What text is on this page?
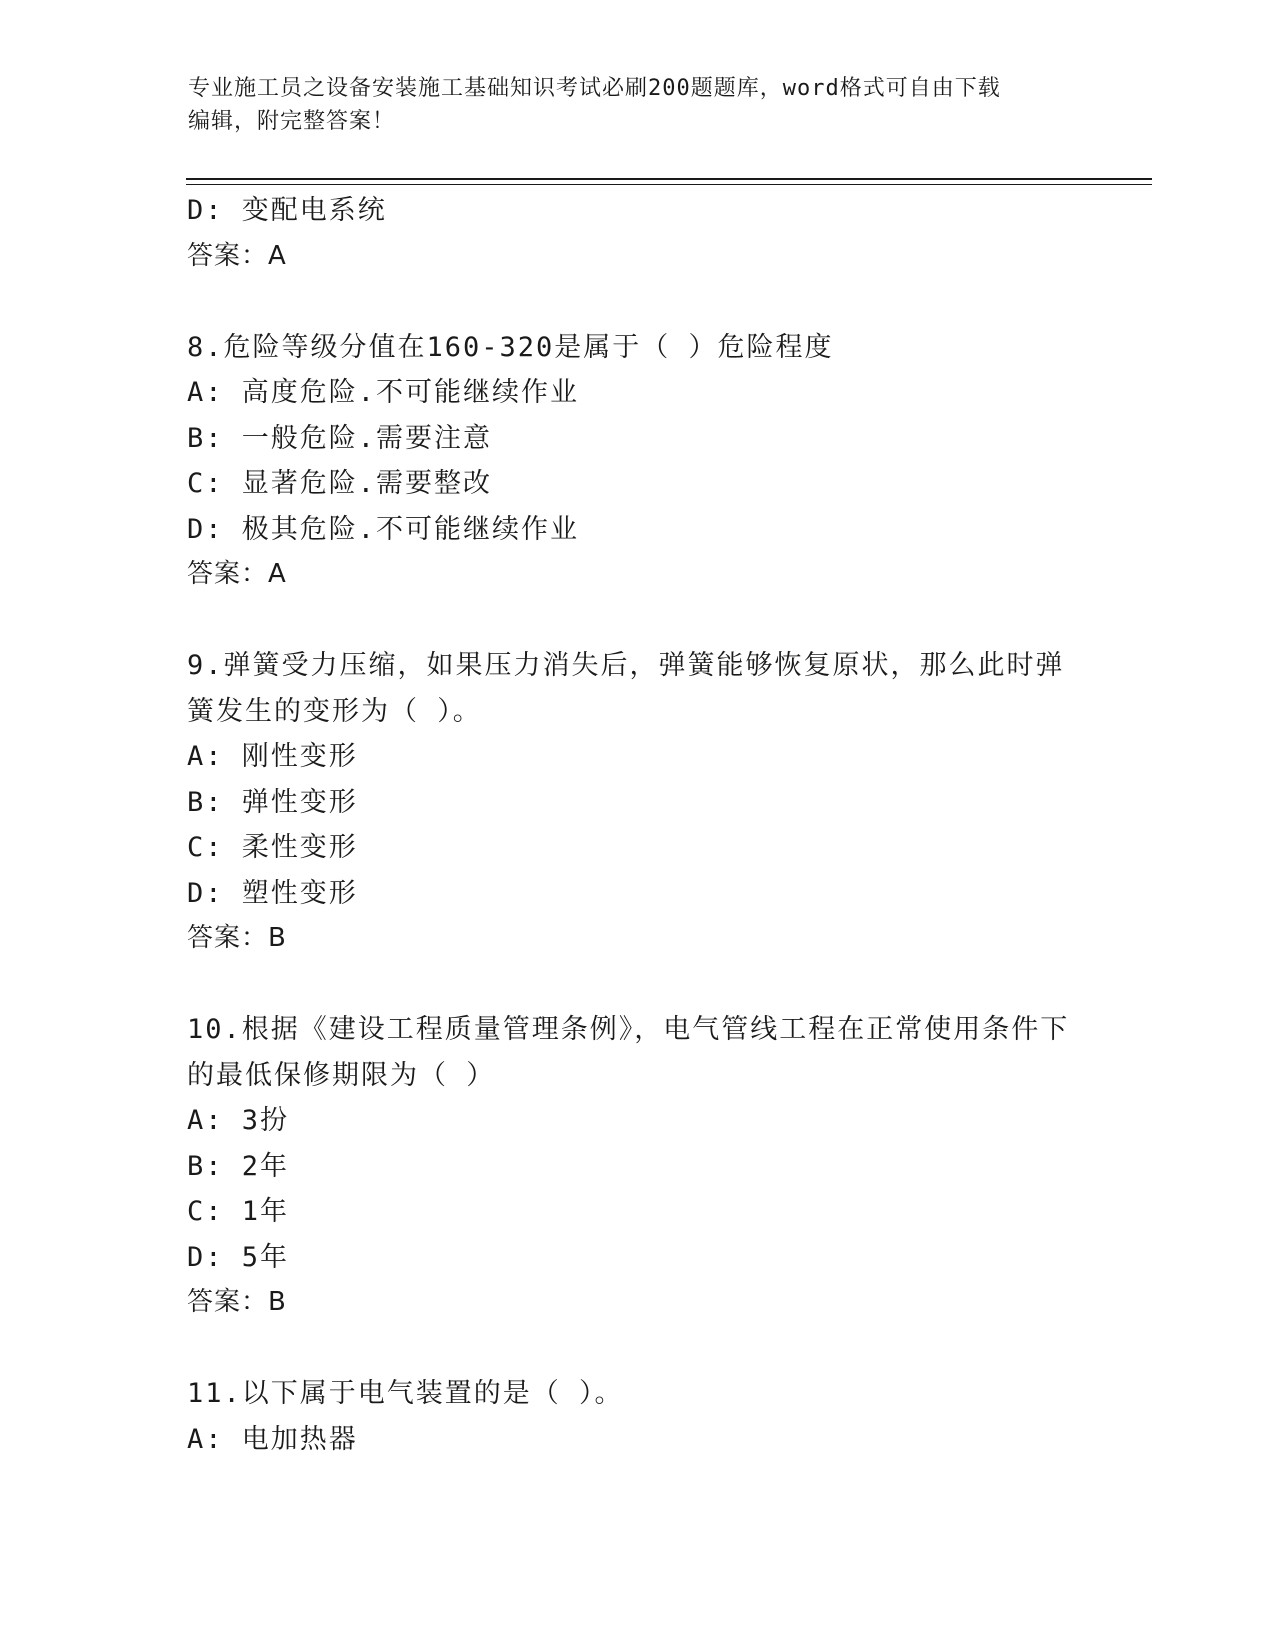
专业施工员之设备安装施工基础知识考试必刷200题题库，word格式可自由下载
编辑，附完整答案！
D: 变配电系统
答案：A
8.危险等级分值在160-320是属于（ ）危险程度
A: 高度危险.不可能继续作业
B: 一般危险.需要注意
C: 显著危险.需要整改
D: 极其危险.不可能继续作业
答案：A
9.弹簧受力压缩，如果压力消失后，弹簧能够恢复原状，那么此时弹
簧发生的变形为（ ）。
A: 刚性变形
B: 弹性变形
C: 柔性变形
D: 塑性变形
答案：B
10.根据《建设工程质量管理条例》，电气管线工程在正常使用条件下
的最低保修期限为（ ）
A: 3扮
B: 2年
C: 1年
D: 5年
答案：B
11.以下属于电气装置的是（ ）。
A: 电加热器
